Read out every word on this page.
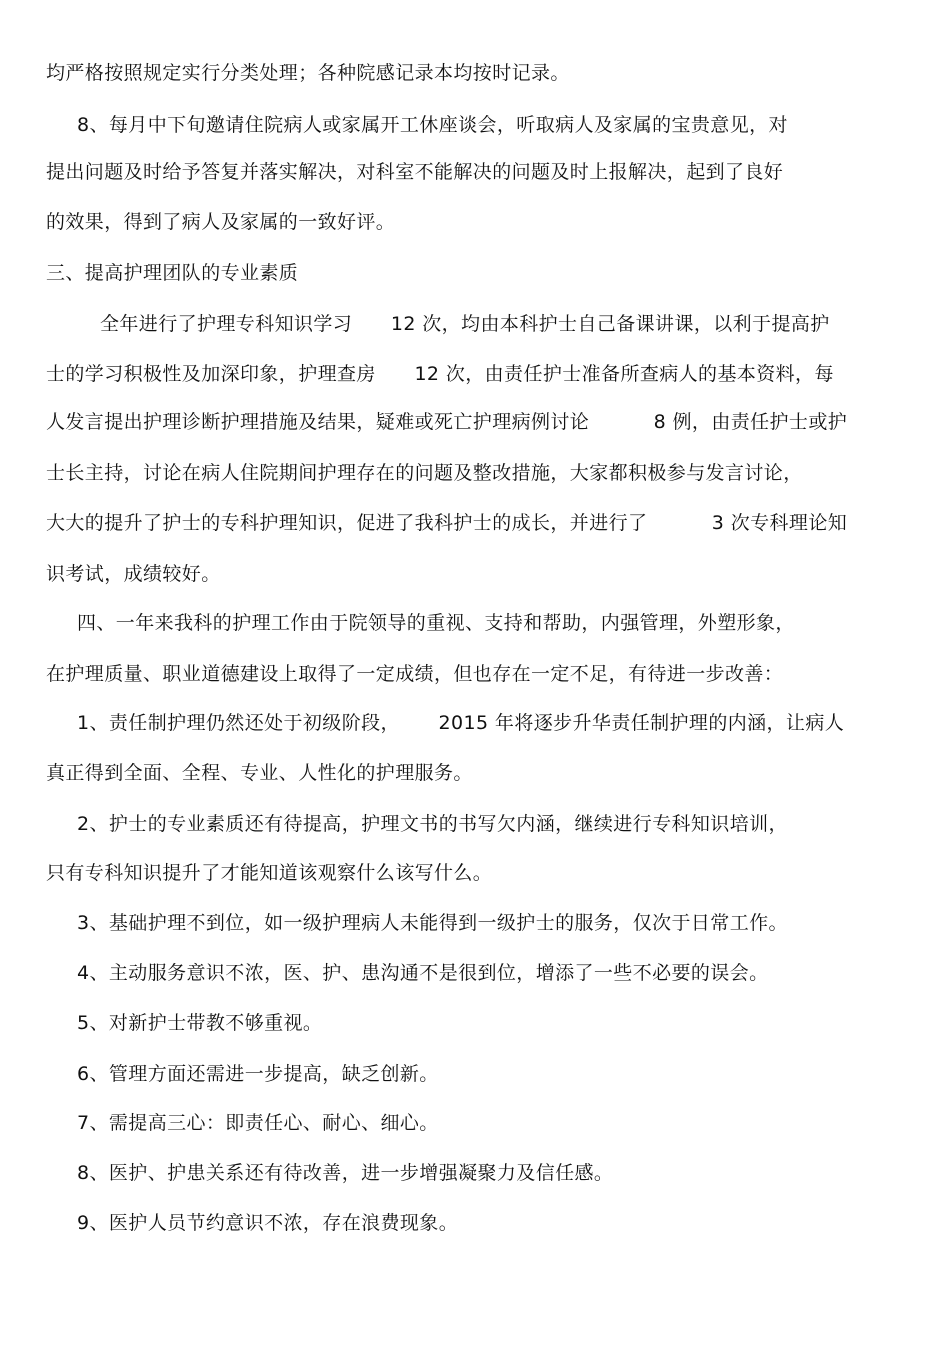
均严格按照规定实行分类处理；各种院感记录本均按时记录。
8、每月中下旬邀请住院病人或家属开工休座谈会，听取病人及家属的宝贵意见，对
提出问题及时给予答复并落实解决，对科室不能解决的问题及时上报解决，起到了良好
的效果，得到了病人及家属的一致好评。
三、提高护理团队的专业素质
全年进行了护理专科知识学习      12 次，均由本科护士自己备课讲课，以利于提高护
士的学习积极性及加深印象，护理查房      12 次，由责任护士准备所查病人的基本资料，每
人发言提出护理诊断护理措施及结果，疑难或死亡护理病例讨论          8 例，由责任护士或护
士长主持，讨论在病人住院期间护理存在的问题及整改措施，大家都积极参与发言讨论，
大大的提升了护士的专科护理知识，促进了我科护士的成长，并进行了          3 次专科理论知
识考试，成绩较好。
四、一年来我科的护理工作由于院领导的重视、支持和帮助，内强管理，外塑形象，
在护理质量、职业道德建设上取得了一定成绩，但也存在一定不足，有待进一步改善：
1、责任制护理仍然还处于初级阶段，      2015 年将逐步升华责任制护理的内涵，让病人
真正得到全面、全程、专业、人性化的护理服务。
2、护士的专业素质还有待提高，护理文书的书写欠内涵，继续进行专科知识培训，
只有专科知识提升了才能知道该观察什么该写什么。
3、基础护理不到位，如一级护理病人未能得到一级护士的服务，仅次于日常工作。
4、主动服务意识不浓，医、护、患沟通不是很到位，增添了一些不必要的误会。
5、对新护士带教不够重视。
6、管理方面还需进一步提高，缺乏创新。
7、需提高三心：即责任心、耐心、细心。
8、医护、护患关系还有待改善，进一步增强凝聚力及信任感。
9、医护人员节约意识不浓，存在浪费现象。
